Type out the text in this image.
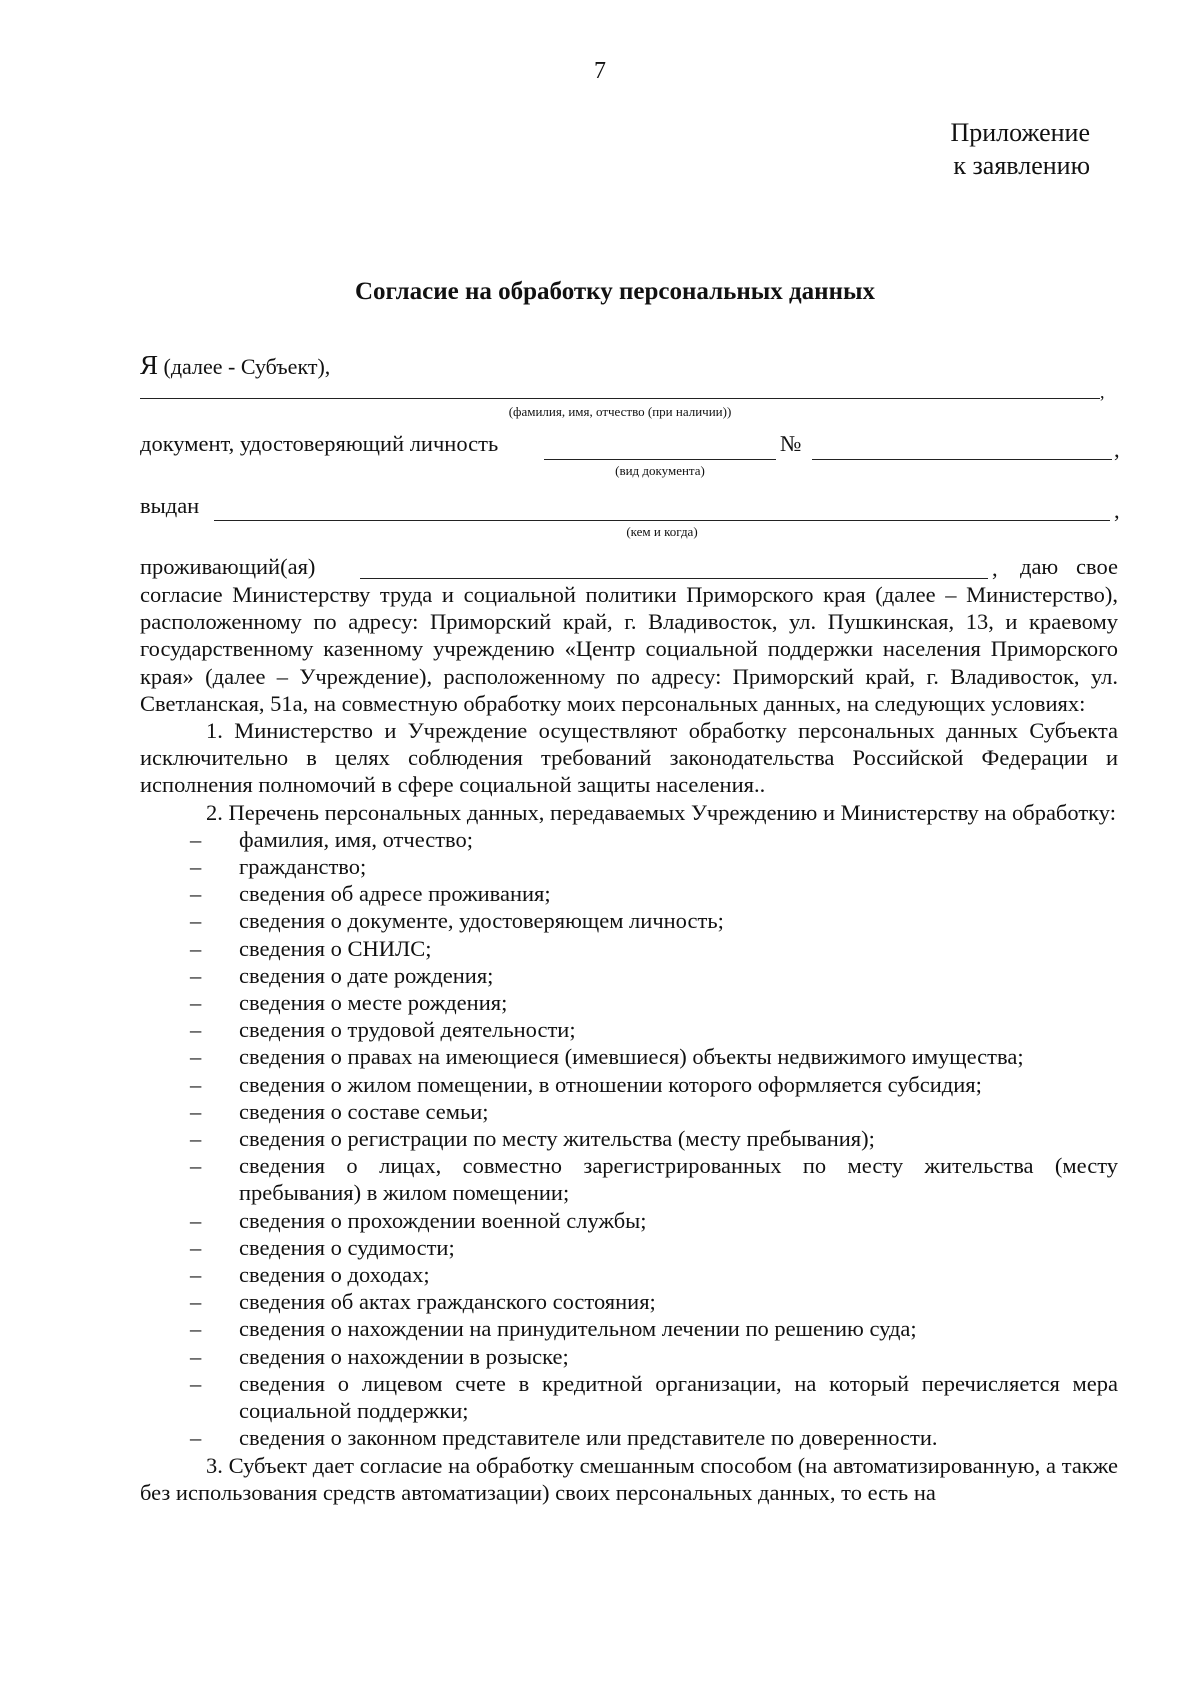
7
Приложение
к заявлению
Согласие на обработку персональных данных
Я (далее - Субъект),
,
(фамилия, имя, отчество (при наличии))
документ, удостоверяющий личность
(вид документа)
№	,
выдан	,
(кем и когда)
проживающий(ая)	, даю свое

согласие Министерству труда и социальной политики Приморского края (далее – Министерство), расположенному по адресу: Приморский край, г. Владивосток, ул. Пушкинская, 13, и краевому государственному казенному учреждению «Центр социальной поддержки населения Приморского края» (далее – Учреждение), расположенному по адресу: Приморский край, г. Владивосток, ул. Светланская, 51а, на совместную обработку моих персональных данных, на следующих условиях:

1. Министерство и Учреждение осуществляют обработку персональных данных Субъекта исключительно в целях соблюдения требований законодательства Российской Федерации и исполнения полномочий в сфере социальной защиты населения..

2. Перечень персональных данных, передаваемых Учреждению и Министерству на обработку:

– фамилия, имя, отчество;
– гражданство;
– сведения об адресе проживания;
– сведения о документе, удостоверяющем личность;
– сведения о СНИЛС;
– сведения о дате рождения;
– сведения о месте рождения;
– сведения о трудовой деятельности;
– сведения о правах на имеющиеся (имевшиеся) объекты недвижимого имущества;
– сведения о жилом помещении, в отношении которого оформляется субсидия;
– сведения о составе семьи;
– сведения о регистрации по месту жительства (месту пребывания);
– сведения о лицах, совместно зарегистрированных по месту жительства (месту пребывания) в жилом помещении;
– сведения о прохождении военной службы;
– сведения о судимости;
– сведения о доходах;
– сведения об актах гражданского состояния;
– сведения о нахождении на принудительном лечении по решению суда;
– сведения о нахождении в розыске;
– сведения о лицевом счете в кредитной организации, на который перечисляется мера социальной поддержки;
– сведения о законном представителе или представителе по доверенности.

3. Субъект дает согласие на обработку смешанным способом (на автоматизированную, а также без использования средств автоматизации) своих персональных данных, то есть на
